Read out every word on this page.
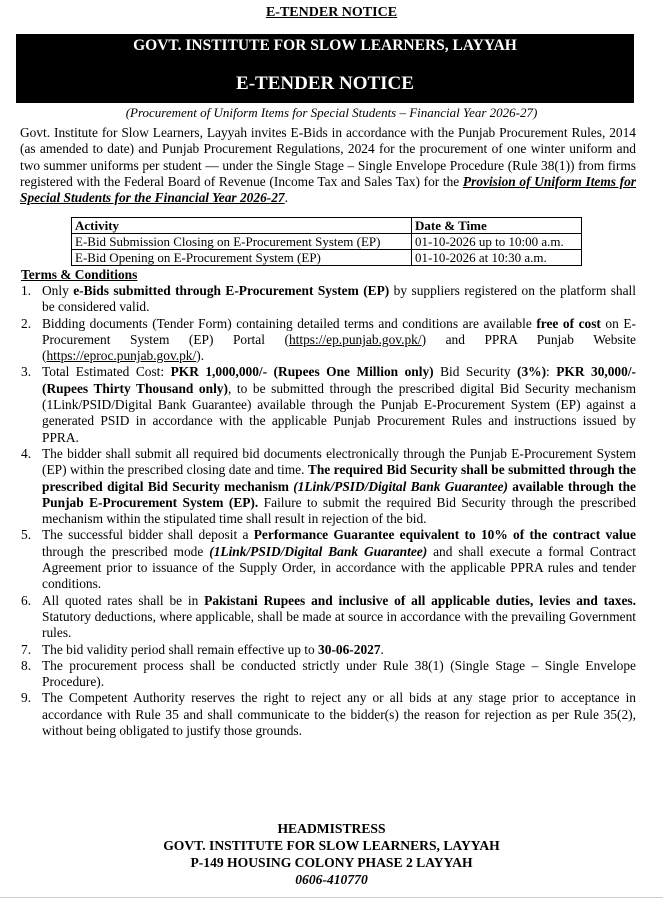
E-TENDER NOTICE
GOVT. INSTITUTE FOR SLOW LEARNERS, LAYYAH
E-TENDER NOTICE
(Procurement of Uniform Items for Special Students – Financial Year 2026-27)
Govt. Institute for Slow Learners, Layyah invites E-Bids in accordance with the Punjab Procurement Rules, 2014 (as amended to date) and Punjab Procurement Regulations, 2024 for the procurement of one winter uniform and two summer uniforms per student — under the Single Stage – Single Envelope Procedure (Rule 38(1)) from firms registered with the Federal Board of Revenue (Income Tax and Sales Tax) for the Provision of Uniform Items for Special Students for the Financial Year 2026-27.
Activity	Date & Time
E-Bid Submission Closing on E-Procurement System (EP)	01-10-2026 up to 10:00 a.m.
E-Bid Opening on E-Procurement System (EP)	01-10-2026 at 10:30 a.m.
Terms & Conditions
1. Only e-Bids submitted through E-Procurement System (EP) by suppliers registered on the platform shall be considered valid.
2. Bidding documents (Tender Form) containing detailed terms and conditions are available free of cost on E-Procurement System (EP) Portal (https://ep.punjab.gov.pk/) and PPRA Punjab Website (https://eproc.punjab.gov.pk/).
3. Total Estimated Cost: PKR 1,000,000/- (Rupees One Million only) Bid Security (3%): PKR 30,000/- (Rupees Thirty Thousand only), to be submitted through the prescribed digital Bid Security mechanism (1Link/PSID/Digital Bank Guarantee) available through the Punjab E-Procurement System (EP) against a generated PSID in accordance with the applicable Punjab Procurement Rules and instructions issued by PPRA.
4. The bidder shall submit all required bid documents electronically through the Punjab E-Procurement System (EP) within the prescribed closing date and time. The required Bid Security shall be submitted through the prescribed digital Bid Security mechanism (1Link/PSID/Digital Bank Guarantee) available through the Punjab E-Procurement System (EP). Failure to submit the required Bid Security through the prescribed mechanism within the stipulated time shall result in rejection of the bid.
5. The successful bidder shall deposit a Performance Guarantee equivalent to 10% of the contract value through the prescribed mode (1Link/PSID/Digital Bank Guarantee) and shall execute a formal Contract Agreement prior to issuance of the Supply Order, in accordance with the applicable PPRA rules and tender conditions.
6. All quoted rates shall be in Pakistani Rupees and inclusive of all applicable duties, levies and taxes. Statutory deductions, where applicable, shall be made at source in accordance with the prevailing Government rules.
7. The bid validity period shall remain effective up to 30-06-2027.
8. The procurement process shall be conducted strictly under Rule 38(1) (Single Stage – Single Envelope Procedure).
9. The Competent Authority reserves the right to reject any or all bids at any stage prior to acceptance in accordance with Rule 35 and shall communicate to the bidder(s) the reason for rejection as per Rule 35(2), without being obligated to justify those grounds.
HEADMISTRESS
GOVT. INSTITUTE FOR SLOW LEARNERS, LAYYAH
P-149 HOUSING COLONY PHASE 2 LAYYAH
0606-410770
